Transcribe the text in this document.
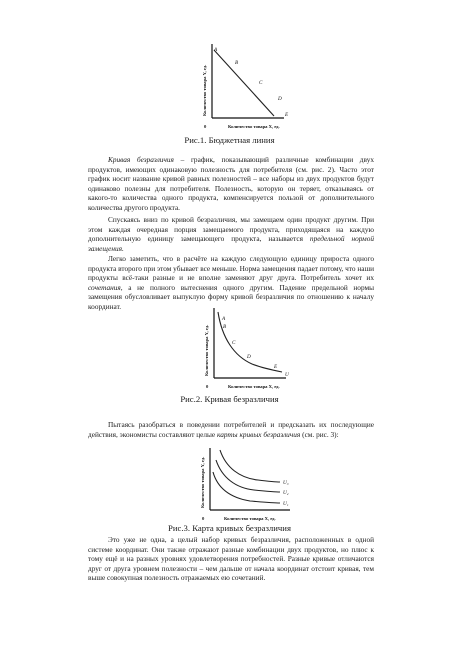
Количество товара Y, ед.
Количество товара X, ед.
0
A
B
C
D
E
Рис.1. Бюджетная линия

Кривая безразличия – график, показывающий различные комбинации двух продуктов, имеющих одинаковую полезность для потребителя (см. рис. 2). Часто этот график носит название кривой равных полезностей – все наборы из двух продуктов будут одинаково полезны для потребителя. Полезность, которую он теряет, отказываясь от какого-то количества одного продукта, компенсируется пользой от дополнительного количества другого продукта.

Спускаясь вниз по кривой безразличия, мы замещаем один продукт другим. При этом каждая очередная порция замещаемого продукта, приходящаяся на каждую дополнительную единицу замещающего продукта, называется предельной нормой замещения.

Легко заметить, что в расчёте на каждую следующую единицу прироста одного продукта второго при этом убывает все меньше. Норма замещения падает потому, что наши продукты всё-таки разные и не вполне заменяют друг друга. Потребитель хочет их сочетания, а не полного вытеснения одного другим. Падение предельной нормы замещения обусловливает выпуклую форму кривой безразличия по отношению к началу координат.

Количество товара Y, ед.
Количество товара X, ед.
0
A
B
C
D
E
U
Рис.2. Кривая безразличия

Пытаясь разобраться в поведении потребителей и предсказать их последующие действия, экономисты составляют целые карты кривых безразличия (см. рис. 3):

Количество товара Y, ед.
Количество товара X, ед.
0
U₃
U₂
U₁
Рис.3. Карта кривых безразличия

Это уже не одна, а целый набор кривых безразличия, расположенных в одной системе координат. Они также отражают разные комбинации двух продуктов, но плюс к тому ещё и на разных уровнях удовлетворения потребностей. Разные кривые отличаются друг от друга уровнем полезности – чем дальше от начала координат отстоит кривая, тем выше совокупная полезность отражаемых ею сочетаний.
